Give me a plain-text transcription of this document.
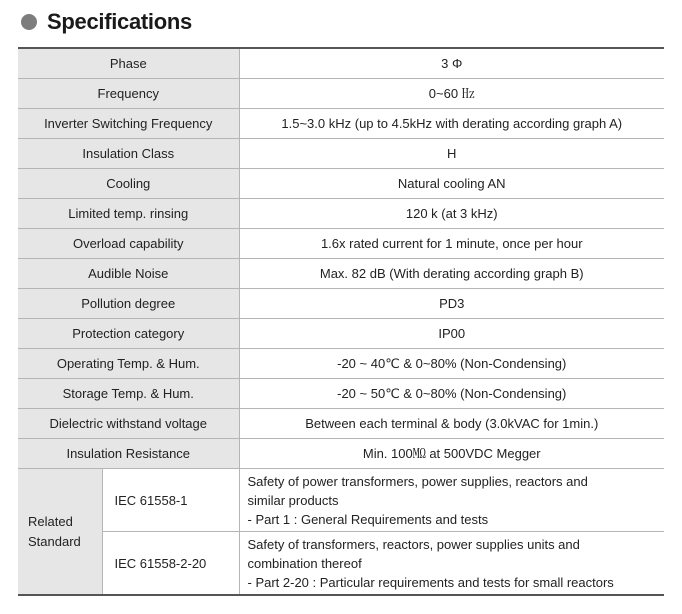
Specifications
Phase		3 Φ
Frequency		0~60 ㎐
Inverter Switching Frequency		1.5~3.0 kHz (up to 4.5kHz with derating according graph A)
Insulation Class		H
Cooling		Natural cooling AN
Limited temp. rinsing		120 k (at 3 kHz)
Overload capability		1.6x rated current for 1 minute, once per hour
Audible Noise		Max. 82 dB (With derating according graph B)
Pollution degree		PD3
Protection category		IP00
Operating Temp. & Hum.		-20 ~ 40℃ & 0~80% (Non-Condensing)
Storage Temp. & Hum.		-20 ~ 50℃ & 0~80% (Non-Condensing)
Dielectric withstand voltage		Between each terminal & body (3.0kVAC for 1min.)
Insulation Resistance		Min. 100㏁ at 500VDC Megger

Related
Standard	IEC 61558-1	Safety of power transformers, power supplies, reactors and
similar products
- Part 1 : General Requirements and tests

	IEC 61558-2-20	Safety of transformers, reactors, power supplies units and
combination thereof
- Part 2-20 : Particular requirements and tests for small reactors
